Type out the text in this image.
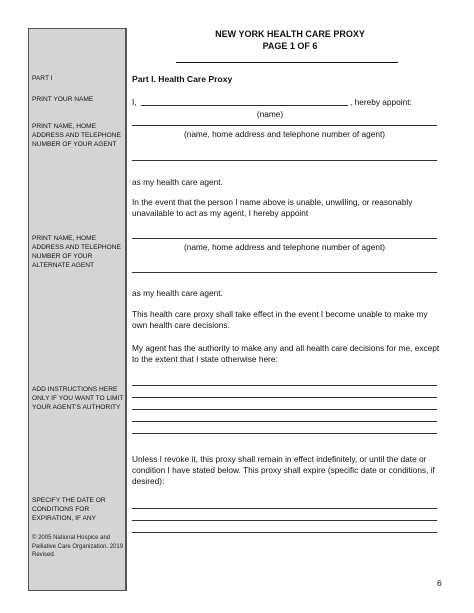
PART I
PRINT YOUR NAME
PRINT NAME, HOME ADDRESS AND TELEPHONE NUMBER OF YOUR AGENT
PRINT NAME, HOME ADDRESS AND TELEPHONE NUMBER OF YOUR ALTERNATE AGENT
ADD INSTRUCTIONS HERE ONLY IF YOU WANT TO LIMIT YOUR AGENT'S AUTHORITY
SPECIFY THE DATE OR CONDITIONS FOR EXPIRATION, IF ANY
© 2005 National Hospice and Palliative Care Organization. 2019 Revised.
NEW YORK HEALTH CARE PROXY
PAGE 1 OF 6
Part I. Health Care Proxy
I,	, hereby appoint:
(name)
(name, home address and telephone number of agent)
as my health care agent.
In the event that the person I name above is unable, unwilling, or reasonably unavailable to act as my agent, I hereby appoint
(name, home address and telephone number of agent)
as my health care agent.
This health care proxy shall take effect in the event I become unable to make my own health care decisions.
My agent has the authority to make any and all health care decisions for me, except to the extent that I state otherwise here:
Unless I revoke it, this proxy shall remain in effect indefinitely, or until the date or condition I have stated below. This proxy shall expire (specific date or conditions, if desired):
6
